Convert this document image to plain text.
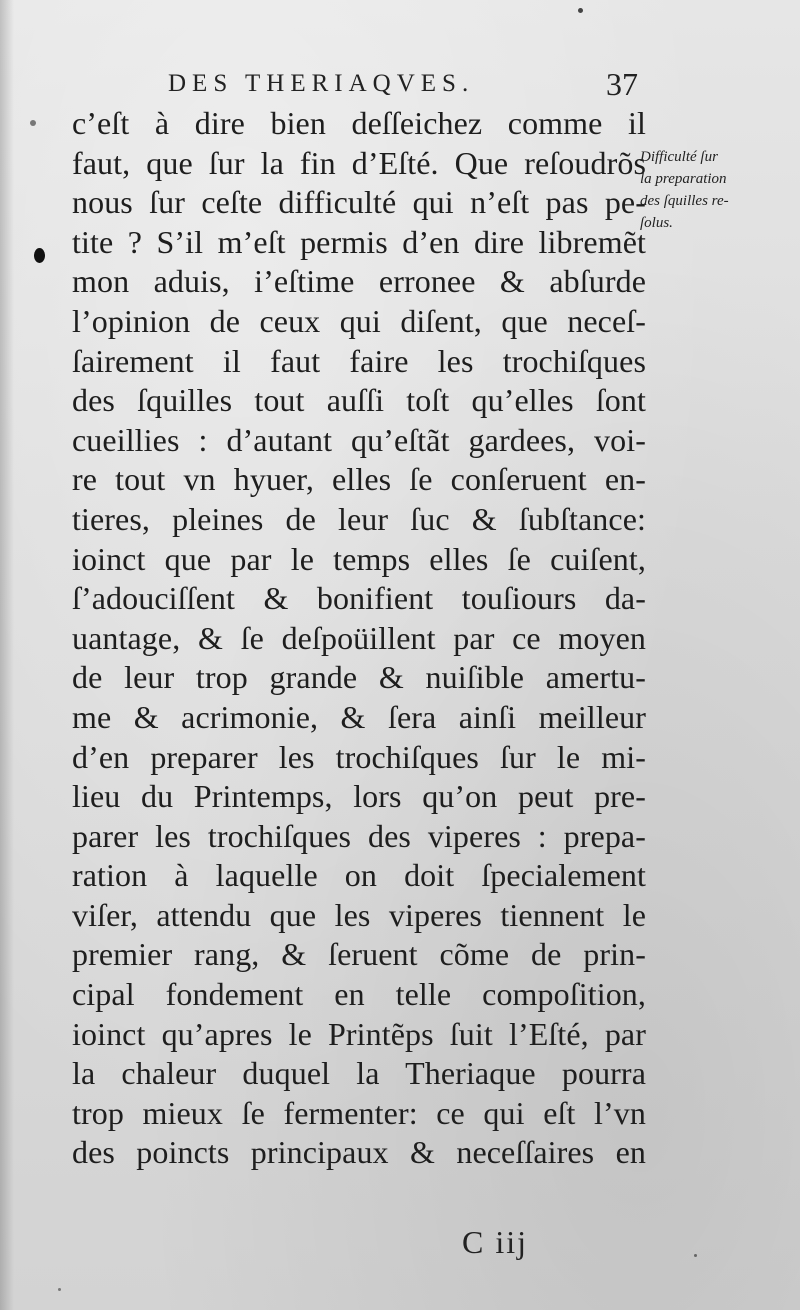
DES THERIAQVES.	37
c’eſt à dire bien deſſeichez comme il
faut, que ſur la fin d’Eſté. Que reſoudrõs
nous ſur ceſte difficulté qui n’eſt pas pe-
tite ? S’il m’eſt permis d’en dire libremẽt
mon aduis, i’eſtime erronee & abſurde
l’opinion de ceux qui diſent, que neceſ-
ſairement il faut faire les trochiſques
des ſquilles tout auſſi toſt qu’elles ſont
cueillies : d’autant qu’eſtãt gardees, voi-
re tout vn hyuer, elles ſe conſeruent en-
tieres, pleines de leur ſuc & ſubſtance:
ioinct que par le temps elles ſe cuiſent,
ſ’adouciſſent & bonifient touſiours da-
uantage, & ſe deſpoüillent par ce moyen
de leur trop grande & nuiſible amertu-
me & acrimonie, & ſera ainſi meilleur
d’en preparer les trochiſques ſur le mi-
lieu du Printemps, lors qu’on peut pre-
parer les trochiſques des viperes : prepa-
ration à laquelle on doit ſpecialement
viſer, attendu que les viperes tiennent le
premier rang, & ſeruent cõme de prin-
cipal fondement en telle compoſition,
ioinct qu’apres le Printẽps ſuit l’Eſté, par
la chaleur duquel la Theriaque pourra
trop mieux ſe fermenter: ce qui eſt l’vn
des poincts principaux & neceſſaires en
Difficulté ſur
la preparation
des ſquilles re-
ſolus.
C iij
